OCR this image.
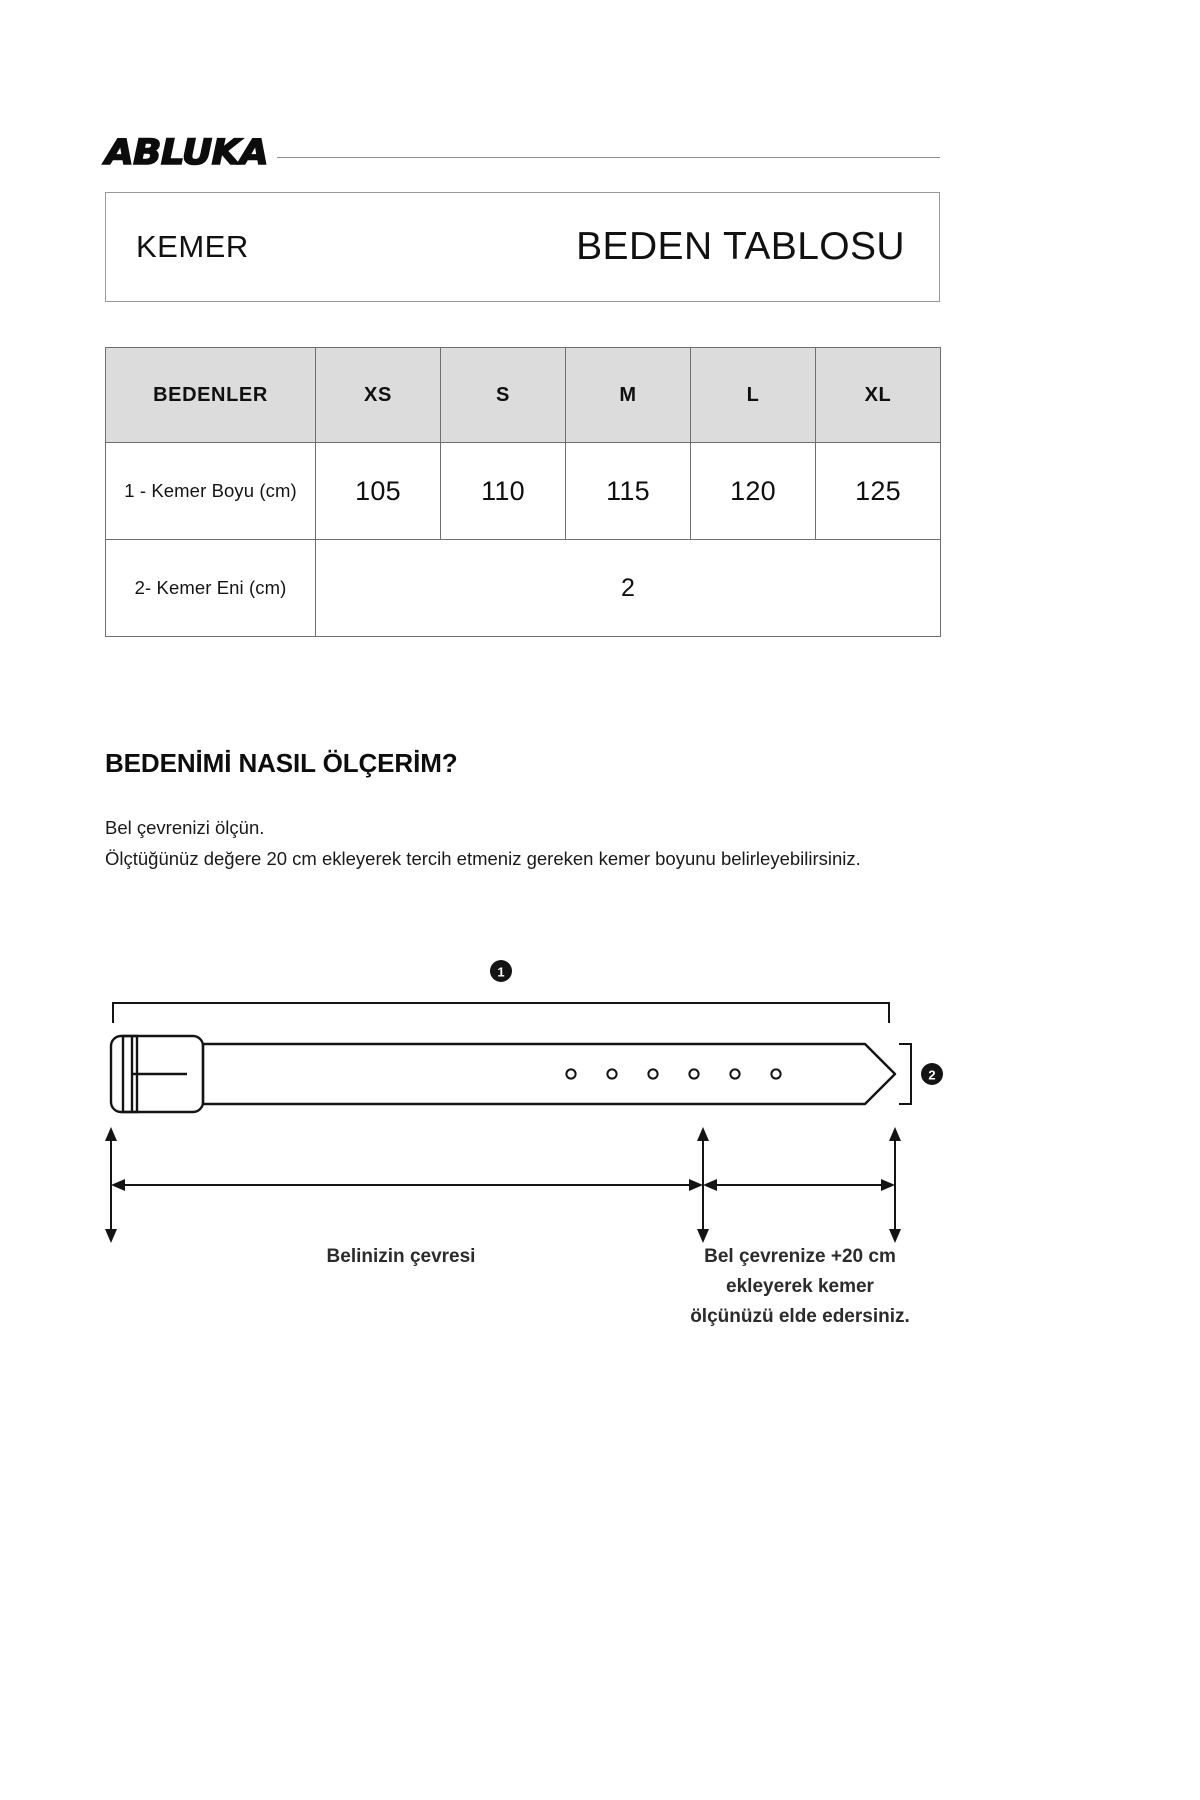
ABLUKA
KEMER	BEDEN TABLOSU
BEDENLER	XS	S	M	L	XL
1 - Kemer Boyu (cm)	105	110	115	120	125
2- Kemer Eni (cm)	2				
BEDENİMİ NASIL ÖLÇERİM?
Bel çevrenizi ölçün.
Ölçtüğünüz değere 20 cm ekleyerek tercih etmeniz gereken kemer boyunu belirleyebilirsiniz.
1
2
Belinizin çevresi	Bel çevrenize +20 cm
ekleyerek kemer
ölçünüzü elde edersiniz.
